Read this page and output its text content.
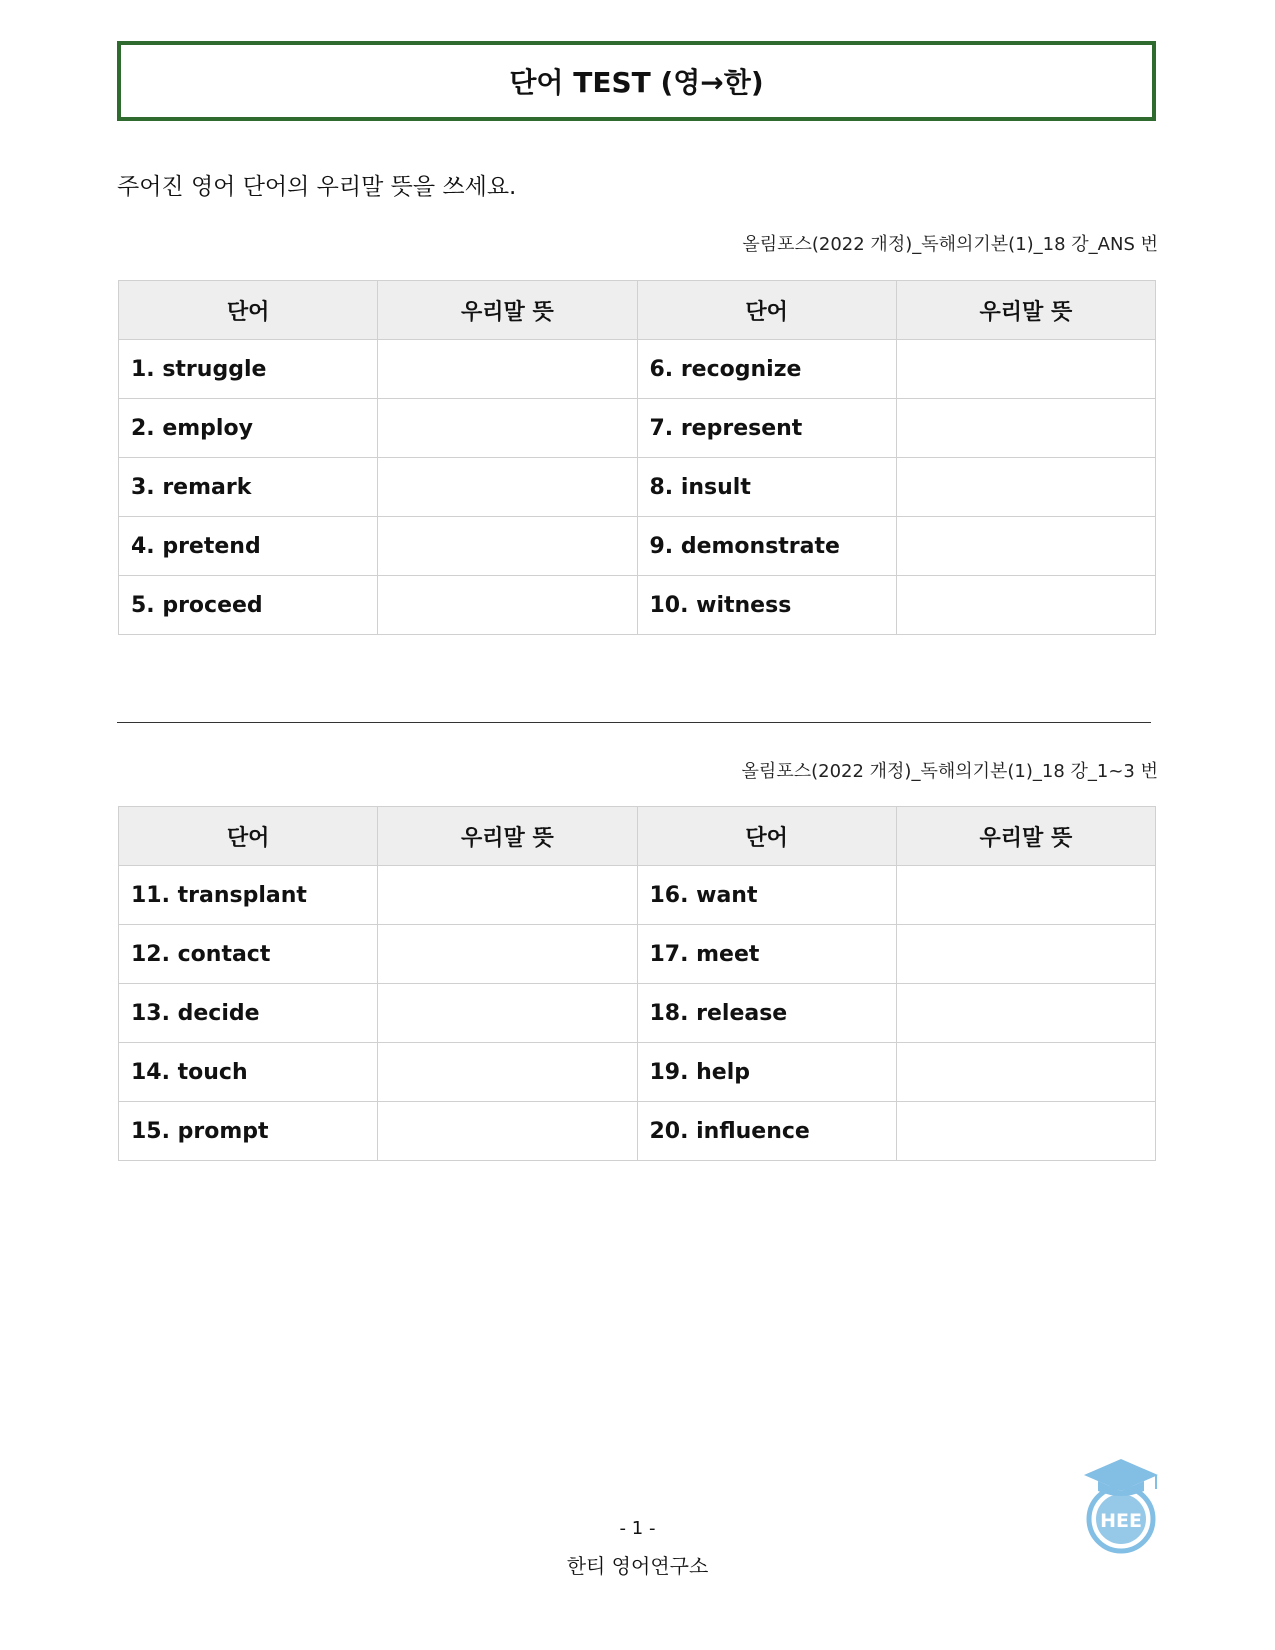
단어 TEST (영→한)
주어진 영어 단어의 우리말 뜻을 쓰세요.
올림포스(2022 개정)_독해의기본(1)_18 강_ANS 번
단어	우리말 뜻	단어	우리말 뜻
1. struggle		6. recognize	
2. employ		7. represent	
3. remark		8. insult	
4. pretend		9. demonstrate	
5. proceed		10. witness	
올림포스(2022 개정)_독해의기본(1)_18 강_1~3 번
단어	우리말 뜻	단어	우리말 뜻
11. transplant		16. want	
12. contact		17. meet	
13. decide		18. release	
14. touch		19. help	
15. prompt		20. influence	
- 1 -
한티 영어연구소
HEE
